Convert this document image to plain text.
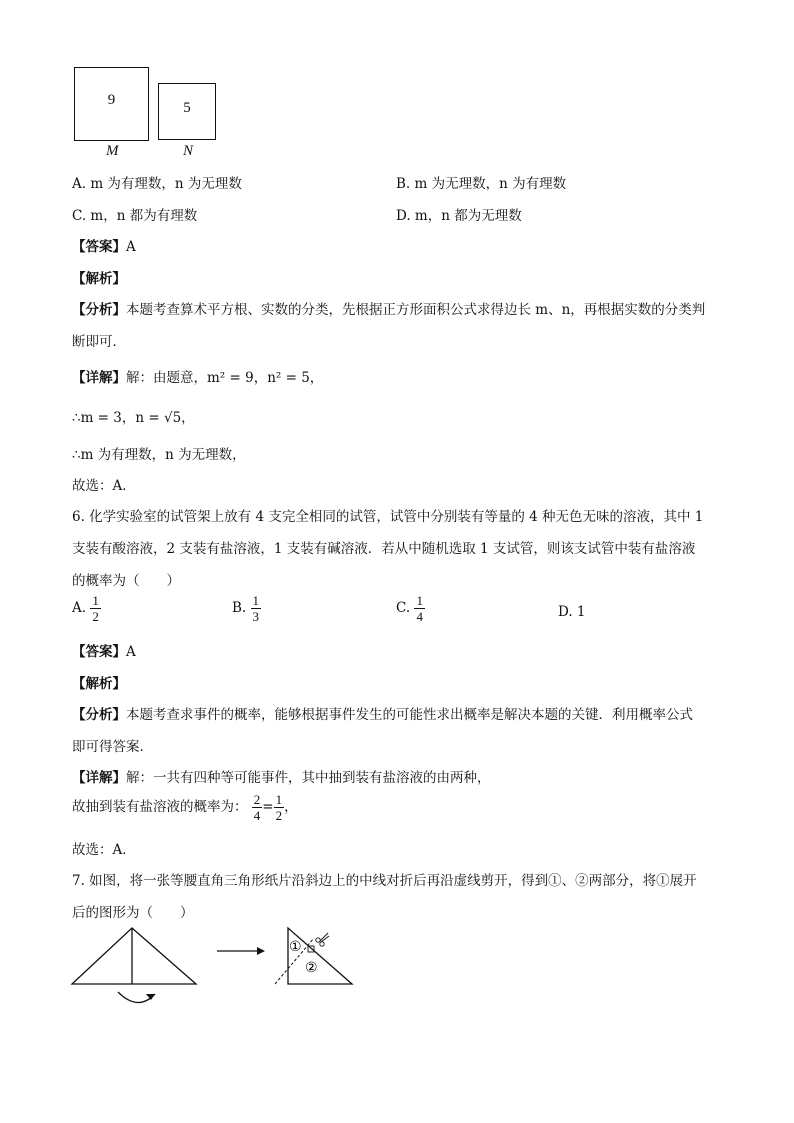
9
5
M	N
A. m 为有理数，n 为无理数	B. m 为无理数，n 为有理数
C. m，n 都为有理数	D. m，n 都为无理数
【答案】A
【解析】
【分析】本题考查算术平方根、实数的分类，先根据正方形面积公式求得边长 m、n，再根据实数的分类判
断即可．
【详解】解：由题意，m² = 9，n² = 5，
∴m = 3，n = √5，
∴m 为有理数，n 为无理数，
故选：A．
6. 化学实验室的试管架上放有 4 支完全相同的试管，试管中分别装有等量的 4 种无色无味的溶液，其中 1
支装有酸溶液，2 支装有盐溶液，1 支装有碱溶液．若从中随机选取 1 支试管，则该支试管中装有盐溶液
的概率为（　　）
A. $\frac{1}{2}$	B. $\frac{1}{3}$	C. $\frac{1}{4}$	D. 1
【答案】A
【解析】
【分析】本题考查求事件的概率，能够根据事件发生的可能性求出概率是解决本题的关键．利用概率公式
即可得答案．
【详解】解：一共有四种等可能事件，其中抽到装有盐溶液的由两种，
故抽到装有盐溶液的概率为： $\frac{2}{4} = \frac{1}{2}$ ，
故选：A．
7. 如图，将一张等腰直角三角形纸片沿斜边上的中线对折后再沿虚线剪开，得到①、②两部分，将①展开
后的图形为（　　）
①
②
